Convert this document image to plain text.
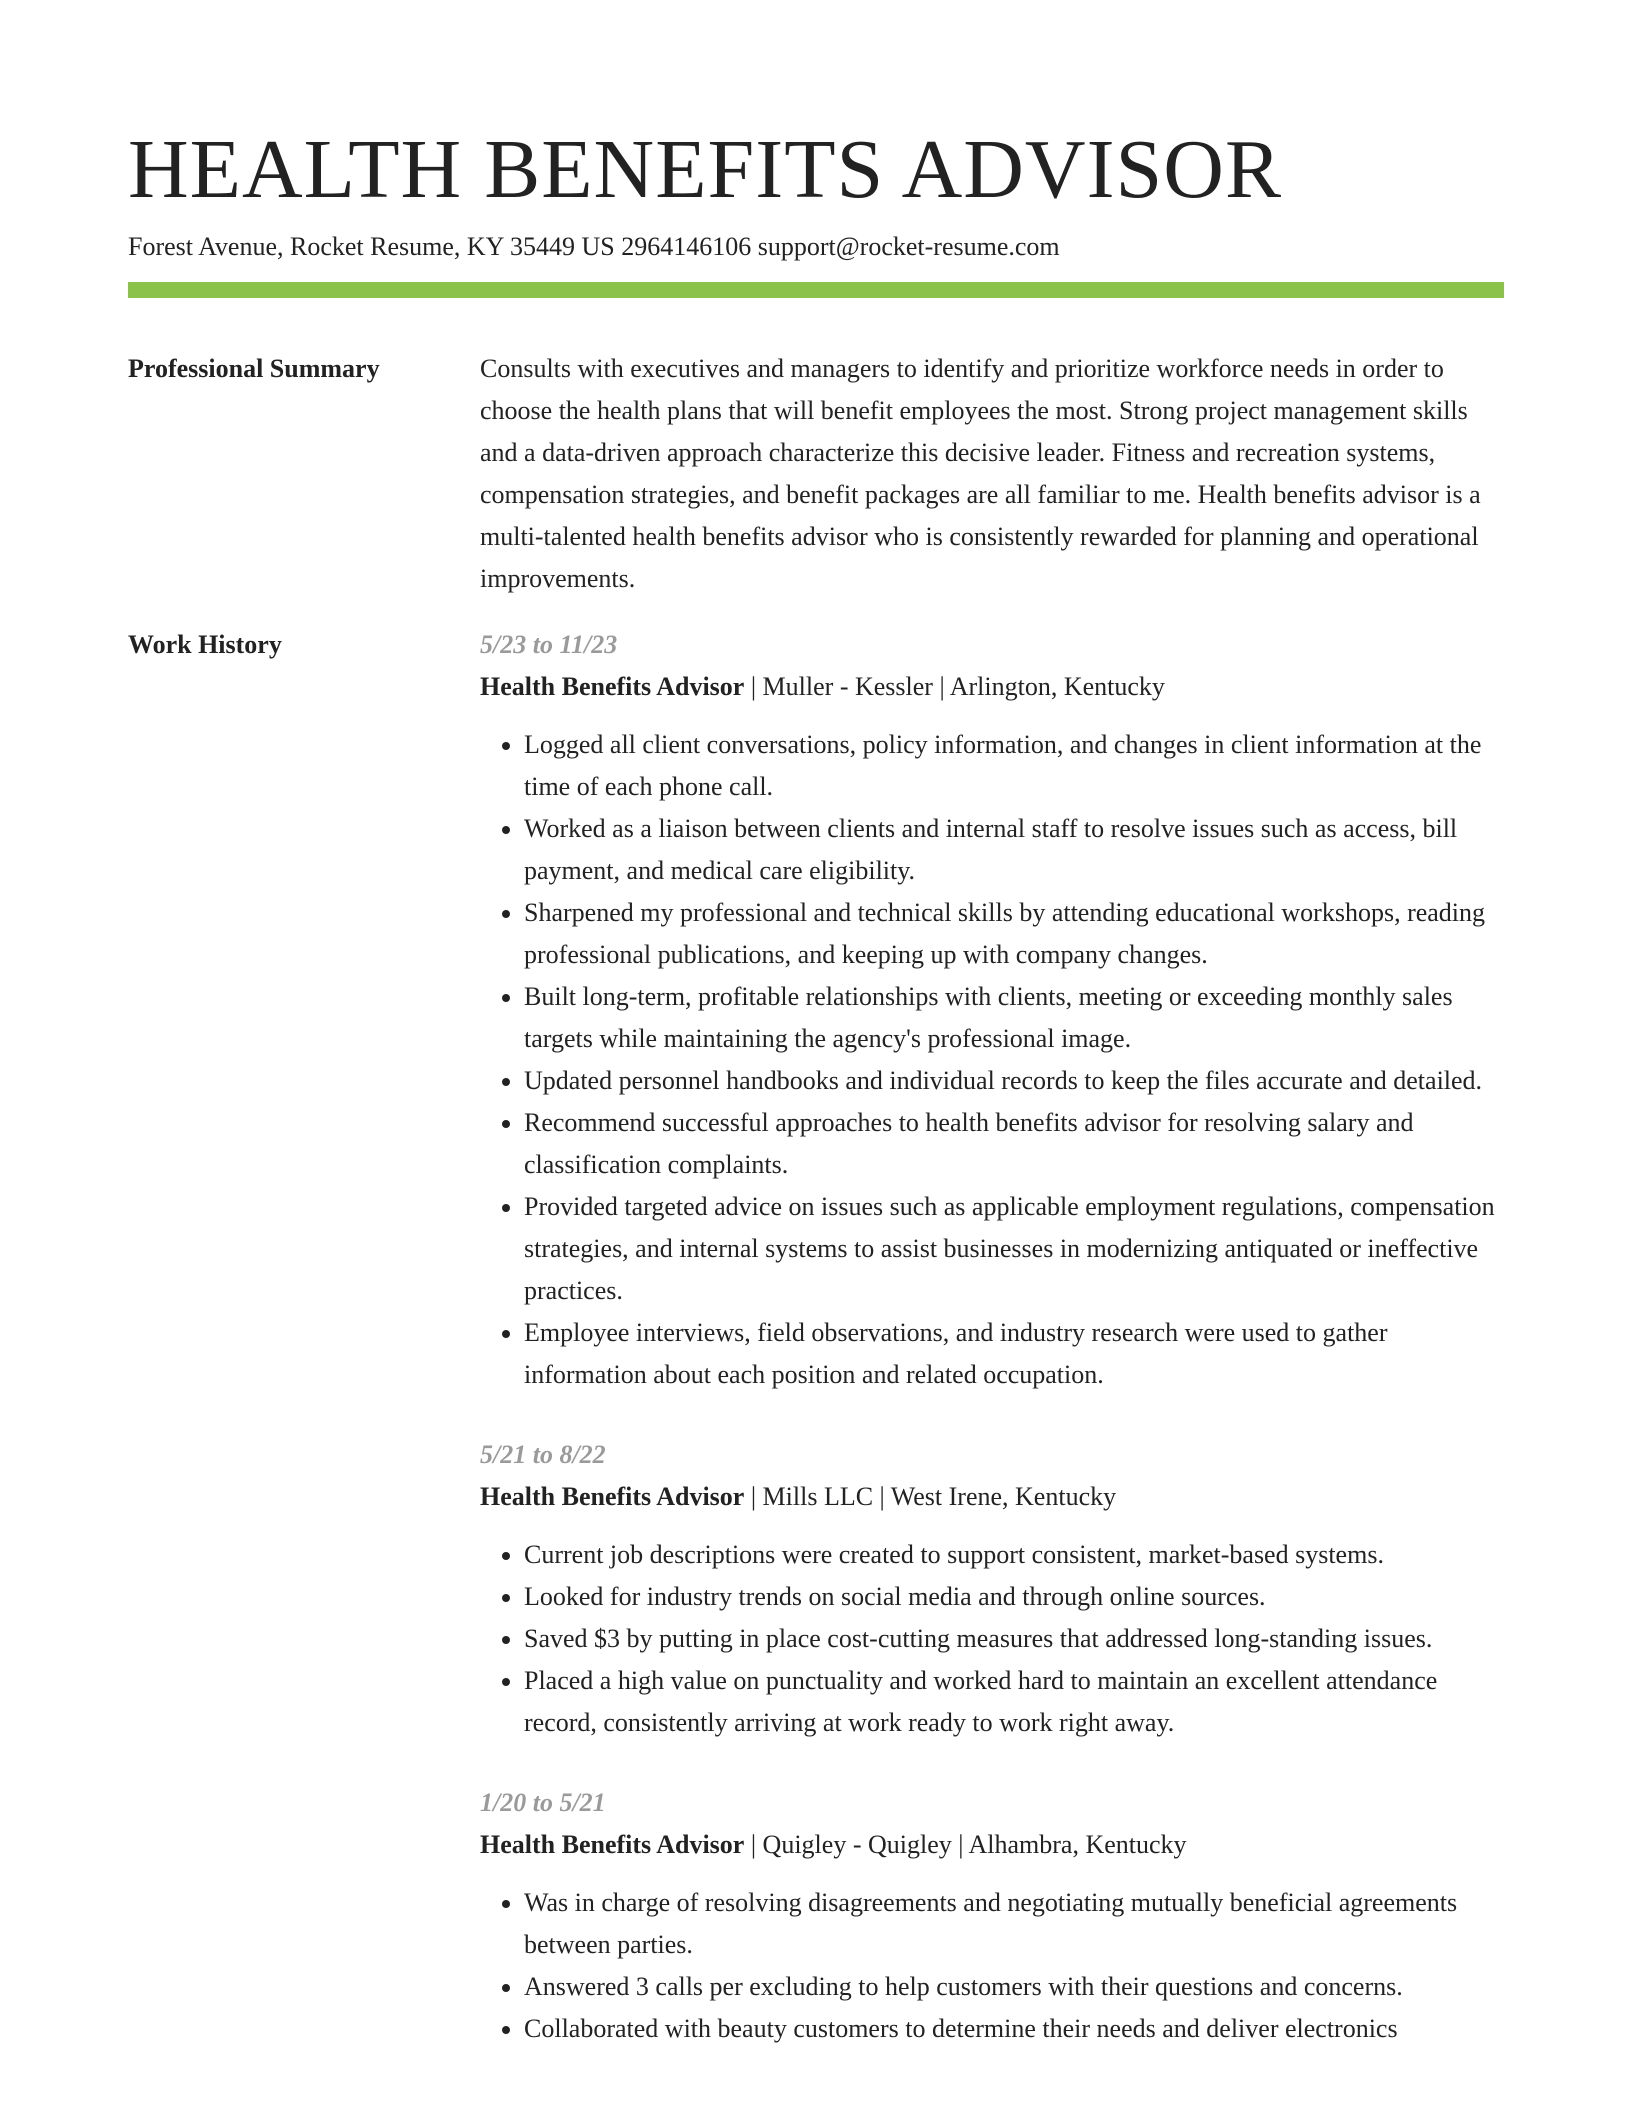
HEALTH BENEFITS ADVISOR
Forest Avenue, Rocket Resume, KY 35449 US 2964146106 support@rocket-resume.com
Professional Summary	Consults with executives and managers to identify and prioritize workforce needs in order to choose the health plans that will benefit employees the most. Strong project management skills and a data-driven approach characterize this decisive leader. Fitness and recreation systems, compensation strategies, and benefit packages are all familiar to me. Health benefits advisor is a multi-talented health benefits advisor who is consistently rewarded for planning and operational improvements.

Work History	5/23 to 11/23
Health Benefits Advisor | Muller - Kessler | Arlington, Kentucky
• Logged all client conversations, policy information, and changes in client information at the time of each phone call.
• Worked as a liaison between clients and internal staff to resolve issues such as access, bill payment, and medical care eligibility.
• Sharpened my professional and technical skills by attending educational workshops, reading professional publications, and keeping up with company changes.
• Built long-term, profitable relationships with clients, meeting or exceeding monthly sales targets while maintaining the agency's professional image.
• Updated personnel handbooks and individual records to keep the files accurate and detailed.
• Recommend successful approaches to health benefits advisor for resolving salary and classification complaints.
• Provided targeted advice on issues such as applicable employment regulations, compensation strategies, and internal systems to assist businesses in modernizing antiquated or ineffective practices.
• Employee interviews, field observations, and industry research were used to gather information about each position and related occupation.
5/21 to 8/22
Health Benefits Advisor | Mills LLC | West Irene, Kentucky
• Current job descriptions were created to support consistent, market-based systems.
• Looked for industry trends on social media and through online sources.
• Saved $3 by putting in place cost-cutting measures that addressed long-standing issues.
• Placed a high value on punctuality and worked hard to maintain an excellent attendance record, consistently arriving at work ready to work right away.
1/20 to 5/21
Health Benefits Advisor | Quigley - Quigley | Alhambra, Kentucky
• Was in charge of resolving disagreements and negotiating mutually beneficial agreements between parties.
• Answered 3 calls per excluding to help customers with their questions and concerns.
• Collaborated with beauty customers to determine their needs and deliver electronics
